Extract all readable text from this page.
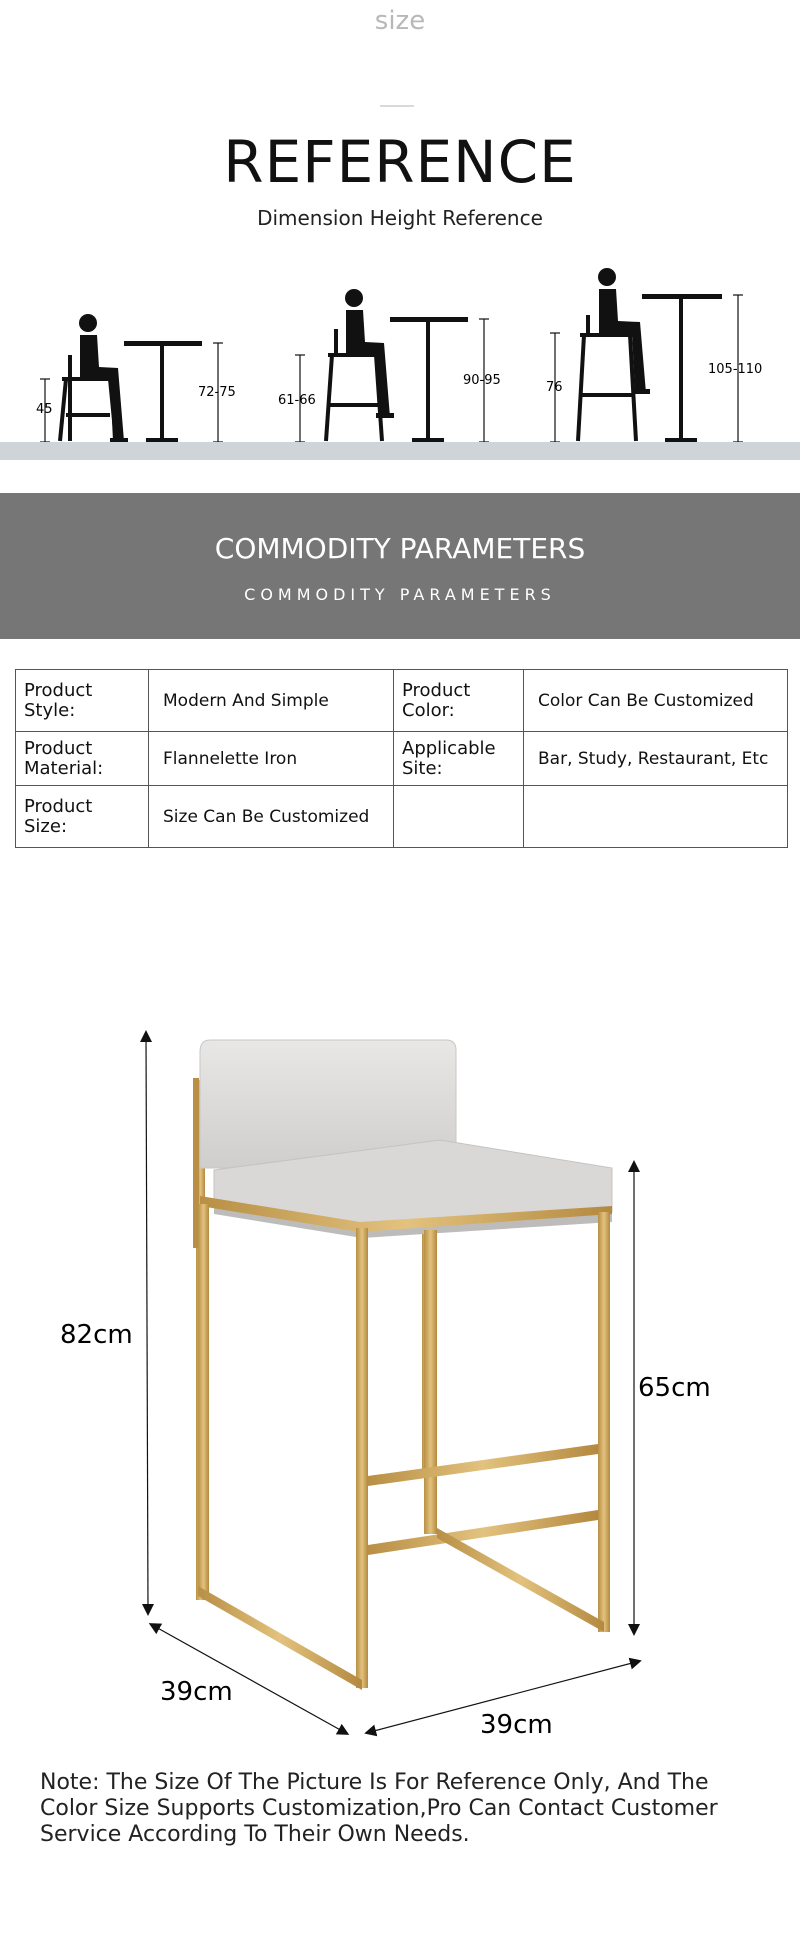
size
REFERENCE
Dimension Height Reference
45
72-75
61-66
90-95	76
105-110
COMMODITY PARAMETERS
COMMODITY PARAMETERS
Product Style:	Modern And Simple	Product Color:	Color Can Be Customized
Product Material:	Flannelette Iron	Applicable Site:	Bar, Study, Restaurant, Etc
Product Size:	Size Can Be Customized		
82cm
65cm
39cm
39cm
Note: The Size Of The Picture Is For Reference Only, And The Color Size Supports Customization,Pro Can Contact Customer Service According To Their Own Needs.
